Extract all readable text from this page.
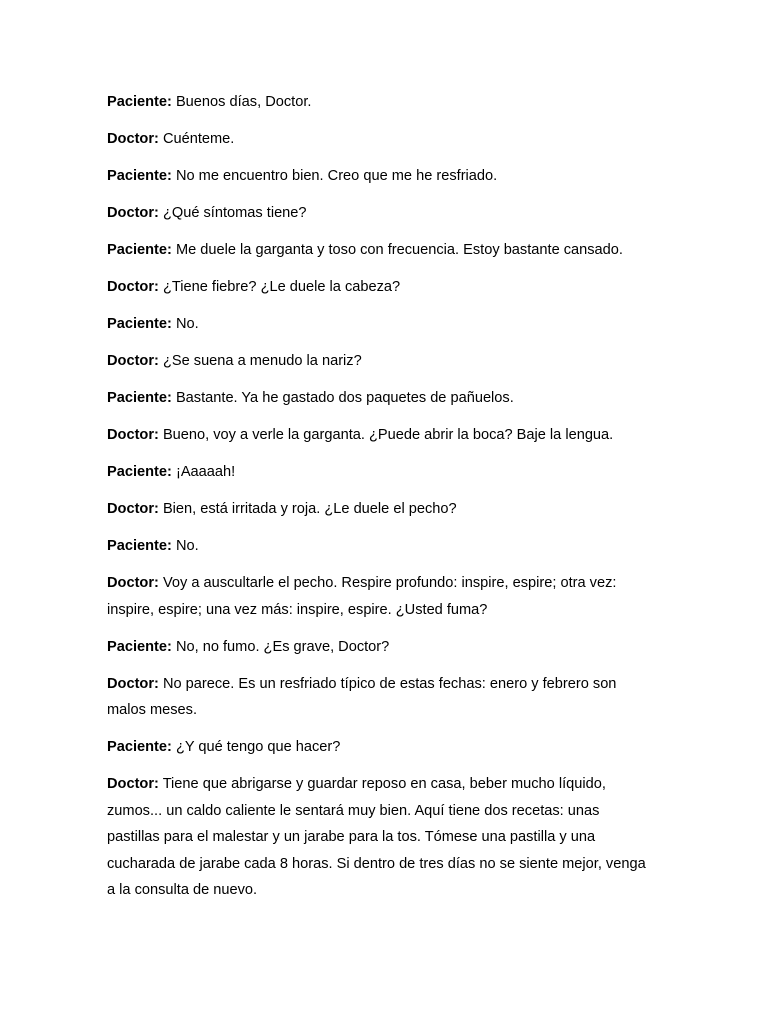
Paciente: Buenos días, Doctor.

Doctor: Cuénteme.

Paciente: No me encuentro bien. Creo que me he resfriado.

Doctor: ¿Qué síntomas tiene?

Paciente: Me duele la garganta y toso con frecuencia. Estoy bastante cansado.

Doctor: ¿Tiene fiebre? ¿Le duele la cabeza?

Paciente: No.

Doctor: ¿Se suena a menudo la nariz?

Paciente: Bastante. Ya he gastado dos paquetes de pañuelos.

Doctor: Bueno, voy a verle la garganta. ¿Puede abrir la boca? Baje la lengua.

Paciente: ¡Aaaaah!

Doctor: Bien, está irritada y roja. ¿Le duele el pecho?

Paciente: No.

Doctor: Voy a auscultarle el pecho. Respire profundo: inspire, espire; otra vez: inspire, espire; una vez más: inspire, espire. ¿Usted fuma?

Paciente: No, no fumo. ¿Es grave, Doctor?

Doctor: No parece. Es un resfriado típico de estas fechas: enero y febrero son malos meses.

Paciente: ¿Y qué tengo que hacer?

Doctor: Tiene que abrigarse y guardar reposo en casa, beber mucho líquido, zumos... un caldo caliente le sentará muy bien. Aquí tiene dos recetas: unas pastillas para el malestar y un jarabe para la tos. Tómese una pastilla y una cucharada de jarabe cada 8 horas. Si dentro de tres días no se siente mejor, venga a la consulta de nuevo.
